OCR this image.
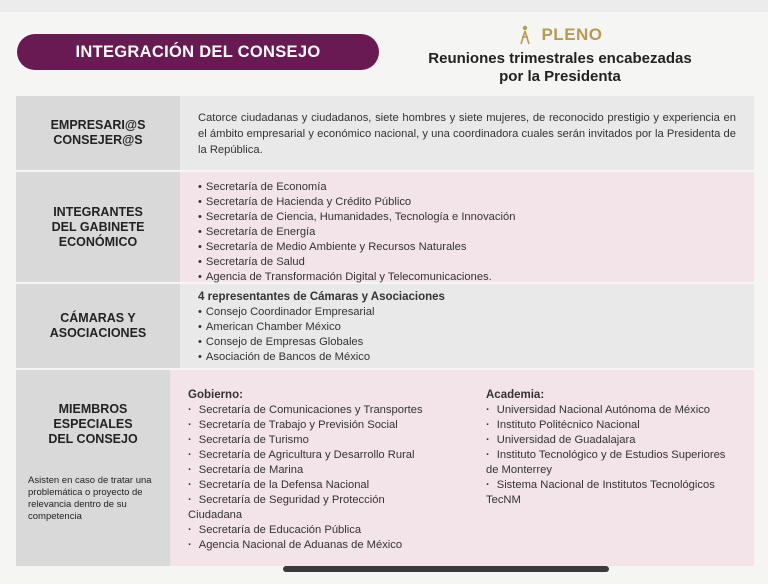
INTEGRACIÓN DEL CONSEJO
PLENO
Reuniones trimestrales encabezadas
por la Presidenta
EMPRESARI@S
CONSEJER@S
Catorce ciudadanas y ciudadanos, siete hombres y siete mujeres, de reconocido prestigio y experiencia en el ámbito empresarial y económico nacional, y una coordinadora cuales serán invitados por la Presidenta de la República.
INTEGRANTES
DEL GABINETE
ECONÓMICO
• Secretaría de Economía
• Secretaría de Hacienda y Crédito Público
• Secretaría de Ciencia, Humanidades, Tecnología e Innovación
• Secretaría de Energía
• Secretaría de Medio Ambiente y Recursos Naturales
• Secretaría de Salud
• Agencia de Transformación Digital y Telecomunicaciones.
CÁMARAS Y
ASOCIACIONES
4 representantes de Cámaras y Asociaciones
• Consejo Coordinador Empresarial
• American Chamber México
• Consejo de Empresas Globales
• Asociación de Bancos de México
MIEMBROS
ESPECIALES
DEL CONSEJO
Asisten en caso de tratar una problemática o proyecto de relevancia dentro de su competencia
Gobierno:
· Secretaría de Comunicaciones y Transportes
· Secretaría de Trabajo y Previsión Social
· Secretaría de Turismo
· Secretaría de Agricultura y Desarrollo Rural
· Secretaría de Marina
· Secretaría de la Defensa Nacional
· Secretaría de Seguridad y Protección Ciudadana
· Secretaría de Educación Pública
· Agencia Nacional de Aduanas de México
Academia:
· Universidad Nacional Autónoma de México
· Instituto Politécnico Nacional
· Universidad de Guadalajara
· Instituto Tecnológico y de Estudios Superiores de Monterrey
· Sistema Nacional de Institutos Tecnológicos TecNM
